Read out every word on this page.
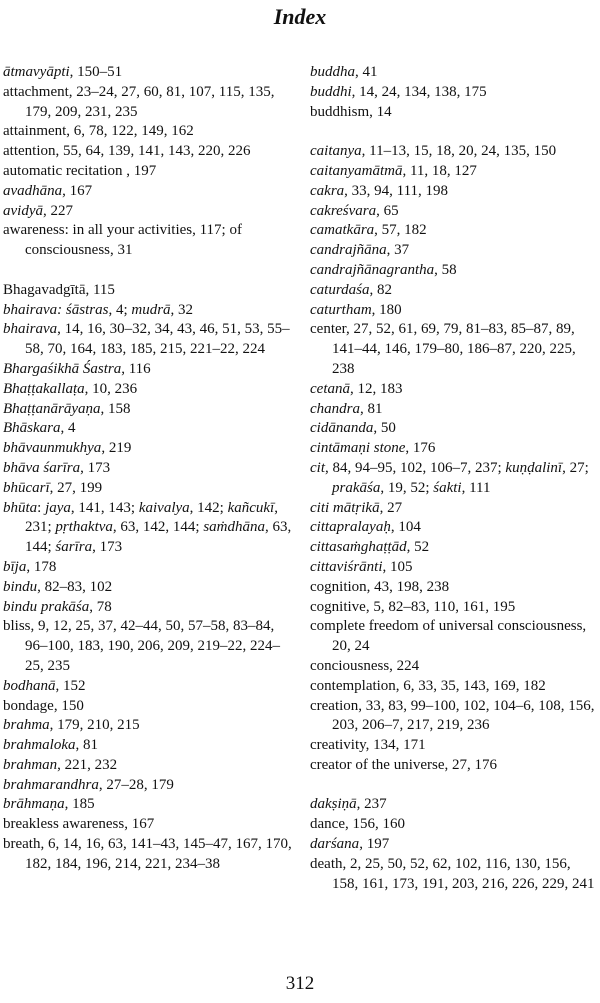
Index
ātmavyāpti, 150–51
attachment, 23–24, 27, 60, 81, 107, 115, 135, 179, 209, 231, 235
attainment, 6, 78, 122, 149, 162
attention, 55, 64, 139, 141, 143, 220, 226
automatic recitation , 197
avadhāna, 167
avidyā, 227
awareness: in all your activities, 117; of consciousness, 31
Bhagavadgītā, 115
bhairava: śāstras, 4; mudrā, 32
bhairava, 14, 16, 30–32, 34, 43, 46, 51, 53, 55–58, 70, 164, 183, 185, 215, 221–22, 224
Bhargaśikhā Śastra, 116
Bhaṭṭakallaṭa, 10, 236
Bhaṭṭanārāyaṇa, 158
Bhāskara, 4
bhāvaunmukhya, 219
bhāva śarīra, 173
bhūcarī, 27, 199
bhūta: jaya, 141, 143; kaivalya, 142; kañcukī, 231; pṛthaktva, 63, 142, 144; saṁdhāna, 63, 144; śarīra, 173
bīja, 178
bindu, 82–83, 102
bindu prakāśa, 78
bliss, 9, 12, 25, 37, 42–44, 50, 57–58, 83–84, 96–100, 183, 190, 206, 209, 219–22, 224–25, 235
bodhanā, 152
bondage, 150
brahma, 179, 210, 215
brahmaloka, 81
brahman, 221, 232
brahmarandhra, 27–28, 179
brāhmaṇa, 185
breakless awareness, 167
breath, 6, 14, 16, 63, 141–43, 145–47, 167, 170, 182, 184, 196, 214, 221, 234–38
buddha, 41
buddhi, 14, 24, 134, 138, 175
buddhism, 14
caitanya, 11–13, 15, 18, 20, 24, 135, 150
caitanyamātmā, 11, 18, 127
cakra, 33, 94, 111, 198
cakreśvara, 65
camatkāra, 57, 182
candrajñāna, 37
candrajñānagrantha, 58
caturdaśa, 82
caturtham, 180
center, 27, 52, 61, 69, 79, 81–83, 85–87, 89, 141–44, 146, 179–80, 186–87, 220, 225, 238
cetanā, 12, 183
chandra, 81
cidānanda, 50
cintāmaṇi stone, 176
cit, 84, 94–95, 102, 106–7, 237; kuṇḍalinī, 27; prakāśa, 19, 52; śakti, 111
citi mātṛikā, 27
cittapralayaḥ, 104
cittasaṁghaṭṭād, 52
cittaviśrānti, 105
cognition, 43, 198, 238
cognitive, 5, 82–83, 110, 161, 195
complete freedom of universal consciousness, 20, 24
conciousness, 224
contemplation, 6, 33, 35, 143, 169, 182
creation, 33, 83, 99–100, 102, 104–6, 108, 156, 203, 206–7, 217, 219, 236
creativity, 134, 171
creator of the universe, 27, 176
dakṣiṇā, 237
dance, 156, 160
darśana, 197
death, 2, 25, 50, 52, 62, 102, 116, 130, 156, 158, 161, 173, 191, 203, 216, 226, 229, 241
312
